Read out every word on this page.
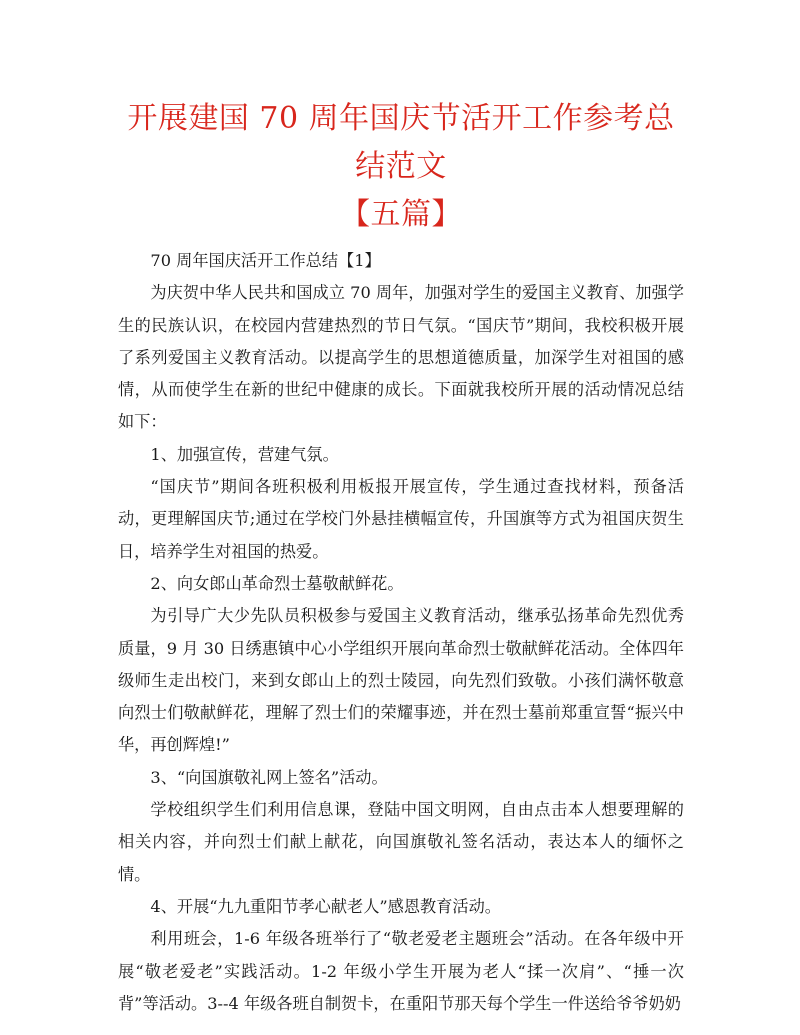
开展建国 70 周年国庆节活开工作参考总结范文
【五篇】

70 周年国庆活开工作总结【1】

为庆贺中华人民共和国成立 70 周年，加强对学生的爱国主义教育、加强学生的民族认识，在校园内营建热烈的节日气氛。“国庆节”期间，我校积极开展了系列爱国主义教育活动。以提高学生的思想道德质量，加深学生对祖国的感情，从而使学生在新的世纪中健康的成长。下面就我校所开展的活动情况总结如下：

1、加强宣传，营建气氛。

“国庆节”期间各班积极利用板报开展宣传，学生通过查找材料，预备活动，更理解国庆节;通过在学校门外悬挂横幅宣传，升国旗等方式为祖国庆贺生日，培养学生对祖国的热爱。

2、向女郎山革命烈士墓敬献鲜花。

为引导广大少先队员积极参与爱国主义教育活动，继承弘扬革命先烈优秀质量，9 月 30 日绣惠镇中心小学组织开展向革命烈士敬献鲜花活动。全体四年级师生走出校门，来到女郎山上的烈士陵园，向先烈们致敬。小孩们满怀敬意向烈士们敬献鲜花，理解了烈士们的荣耀事迹，并在烈士墓前郑重宣誓“振兴中华，再创辉煌!”

3、“向国旗敬礼网上签名”活动。

学校组织学生们利用信息课，登陆中国文明网，自由点击本人想要理解的相关内容，并向烈士们献上献花，向国旗敬礼签名活动，表达本人的缅怀之情。

4、开展“九九重阳节孝心献老人”感恩教育活动。

利用班会，1-6 年级各班举行了“敬老爱老主题班会”活动。在各年级中开展“敬老爱老”实践活动。1-2 年级小学生开展为老人“揉一次肩”、“捶一次背”等活动。3--4 年级各班自制贺卡，在重阳节那天每个学生一件送给爷爷奶奶
